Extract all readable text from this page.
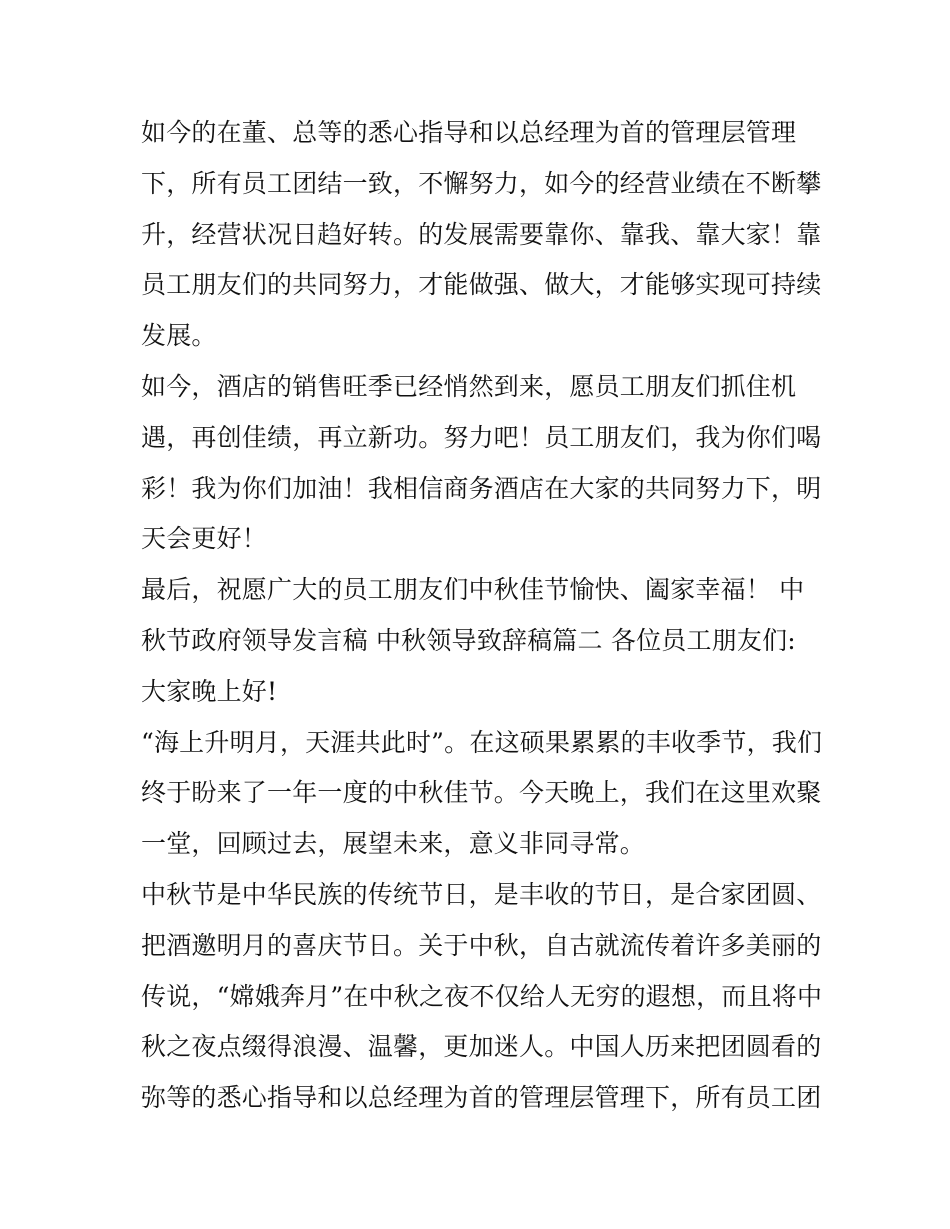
如今的在董、总等的悉心指导和以总经理为首的管理层管理
下，所有员工团结一致，不懈努力，如今的经营业绩在不断攀
升，经营状况日趋好转。的发展需要靠你、靠我、靠大家！靠
员工朋友们的共同努力，才能做强、做大，才能够实现可持续
发展。
如今，酒店的销售旺季已经悄然到来，愿员工朋友们抓住机
遇，再创佳绩，再立新功。努力吧！员工朋友们，我为你们喝
彩！我为你们加油！我相信商务酒店在大家的共同努力下，明
天会更好！
最后，祝愿广大的员工朋友们中秋佳节愉快、阖家幸福！ 中
秋节政府领导发言稿 中秋领导致辞稿篇二 各位员工朋友们:
大家晚上好!
“海上升明月，天涯共此时”。在这硕果累累的丰收季节，我们
终于盼来了一年一度的中秋佳节。今天晚上，我们在这里欢聚
一堂，回顾过去，展望未来，意义非同寻常。
中秋节是中华民族的传统节日，是丰收的节日，是合家团圆、
把酒邀明月的喜庆节日。关于中秋，自古就流传着许多美丽的
传说，“嫦娥奔月”在中秋之夜不仅给人无穷的遐想，而且将中
秋之夜点缀得浪漫、温馨，更加迷人。中国人历来把团圆看的
弥等的悉心指导和以总经理为首的管理层管理下，所有员工团
